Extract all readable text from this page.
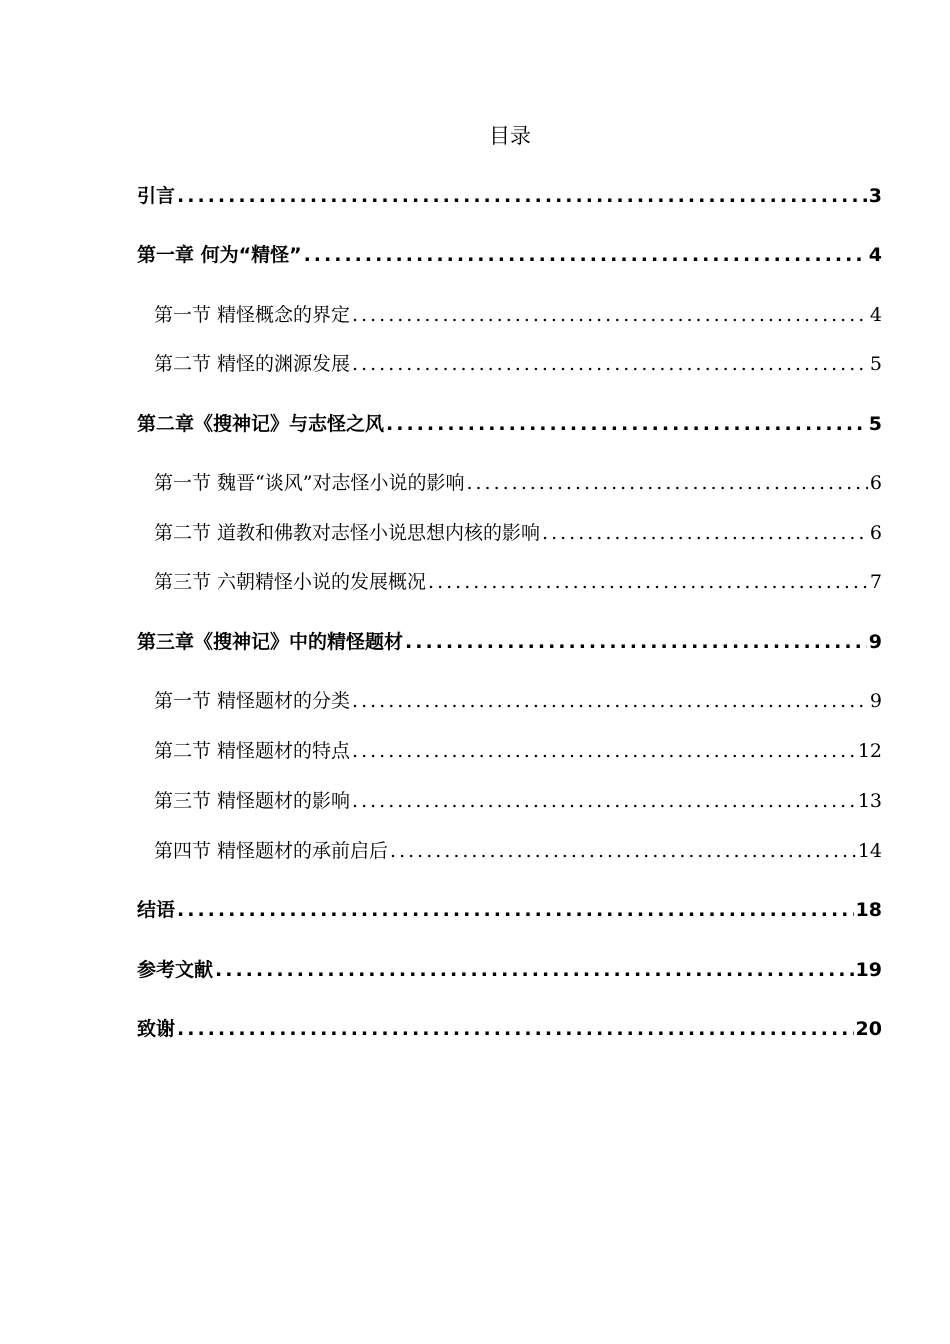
目录
引言 .....	3
第一章 何为“精怪” .....	4
第一节 精怪概念的界定 .....	4
第二节 精怪的渊源发展 .....	5
第二章《搜神记》与志怪之风 .....	5
第一节 魏晋“谈风”对志怪小说的影响 .....	6
第二节 道教和佛教对志怪小说思想内核的影响 .....	6
第三节 六朝精怪小说的发展概况 .....	7
第三章《搜神记》中的精怪题材 .....	9
第一节 精怪题材的分类 .....	9
第二节 精怪题材的特点 .....	12
第三节 精怪题材的影响 .....	13
第四节 精怪题材的承前启后 .....	14
结语 .....	18
参考文献 .....	19
致谢 .....	20
